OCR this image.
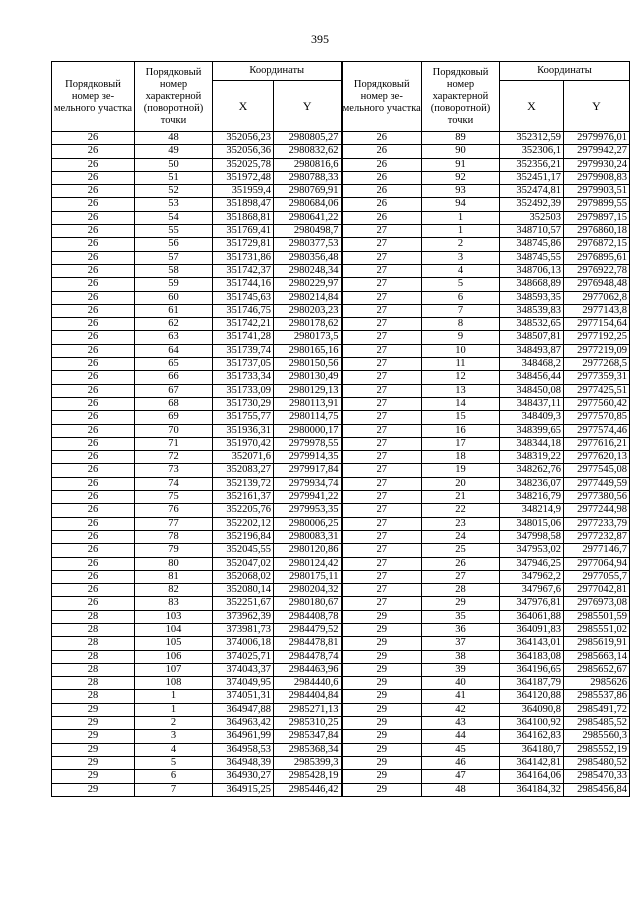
395
Порядковый номер зе-мельного участка	Порядковый номер характерной (поворотной) точки	Координаты		Порядковый номер зе-мельного участка	Порядковый номер характерной (поворотной) точки	Координаты	
		X	Y			X	Y
26	48	352056,23	2980805,27	26	89	352312,59	2979976,01
26	49	352056,36	2980832,62	26	90	352306,1	2979942,27
26	50	352025,78	2980816,6	26	91	352356,21	2979930,24
26	51	351972,48	2980788,33	26	92	352451,17	2979908,83
26	52	351959,4	2980769,91	26	93	352474,81	2979903,51
26	53	351898,47	2980684,06	26	94	352492,39	2979899,55
26	54	351868,81	2980641,22	26	1	352503	2979897,15
26	55	351769,41	2980498,7	27	1	348710,57	2976860,18
26	56	351729,81	2980377,53	27	2	348745,86	2976872,15
26	57	351731,86	2980356,48	27	3	348745,55	2976895,61
26	58	351742,37	2980248,34	27	4	348706,13	2976922,78
26	59	351744,16	2980229,97	27	5	348668,89	2976948,48
26	60	351745,63	2980214,84	27	6	348593,35	2977062,8
26	61	351746,75	2980203,23	27	7	348539,83	2977143,8
26	62	351742,21	2980178,62	27	8	348532,65	2977154,64
26	63	351741,28	2980173,5	27	9	348507,81	2977192,25
26	64	351739,74	2980165,16	27	10	348493,87	2977219,09
26	65	351737,05	2980150,56	27	11	348468,2	2977268,5
26	66	351733,34	2980130,49	27	12	348456,44	2977359,31
26	67	351733,09	2980129,13	27	13	348450,08	2977425,51
26	68	351730,29	2980113,91	27	14	348437,11	2977560,42
26	69	351755,77	2980114,75	27	15	348409,3	2977570,85
26	70	351936,31	2980000,17	27	16	348399,65	2977574,46
26	71	351970,42	2979978,55	27	17	348344,18	2977616,21
26	72	352071,6	2979914,35	27	18	348319,22	2977620,13
26	73	352083,27	2979917,84	27	19	348262,76	2977545,08
26	74	352139,72	2979934,74	27	20	348236,07	2977449,59
26	75	352161,37	2979941,22	27	21	348216,79	2977380,56
26	76	352205,76	2979953,35	27	22	348214,9	2977244,98
26	77	352202,12	2980006,25	27	23	348015,06	2977233,79
26	78	352196,84	2980083,31	27	24	347998,58	2977232,87
26	79	352045,55	2980120,86	27	25	347953,02	2977146,7
26	80	352047,02	2980124,42	27	26	347946,25	2977064,94
26	81	352068,02	2980175,11	27	27	347962,2	2977055,7
26	82	352080,14	2980204,32	27	28	347967,6	2977042,81
26	83	352251,67	2980180,67	27	29	347976,81	2976973,08
28	103	373962,39	2984408,78	29	35	364061,88	2985501,59
28	104	373981,73	2984479,52	29	36	364091,83	2985551,02
28	105	374006,18	2984478,81	29	37	364143,01	2985619,91
28	106	374025,71	2984478,74	29	38	364183,08	2985663,14
28	107	374043,37	2984463,96	29	39	364196,65	2985652,67
28	108	374049,95	2984440,6	29	40	364187,79	2985626
28	1	374051,31	2984404,84	29	41	364120,88	2985537,86
29	1	364947,88	2985271,13	29	42	364090,8	2985491,72
29	2	364963,42	2985310,25	29	43	364100,92	2985485,52
29	3	364961,99	2985347,84	29	44	364162,83	2985560,3
29	4	364958,53	2985368,34	29	45	364180,7	2985552,19
29	5	364948,39	2985399,3	29	46	364142,81	2985480,52
29	6	364930,27	2985428,19	29	47	364164,06	2985470,33
29	7	364915,25	2985446,42	29	48	364184,32	2985456,84
